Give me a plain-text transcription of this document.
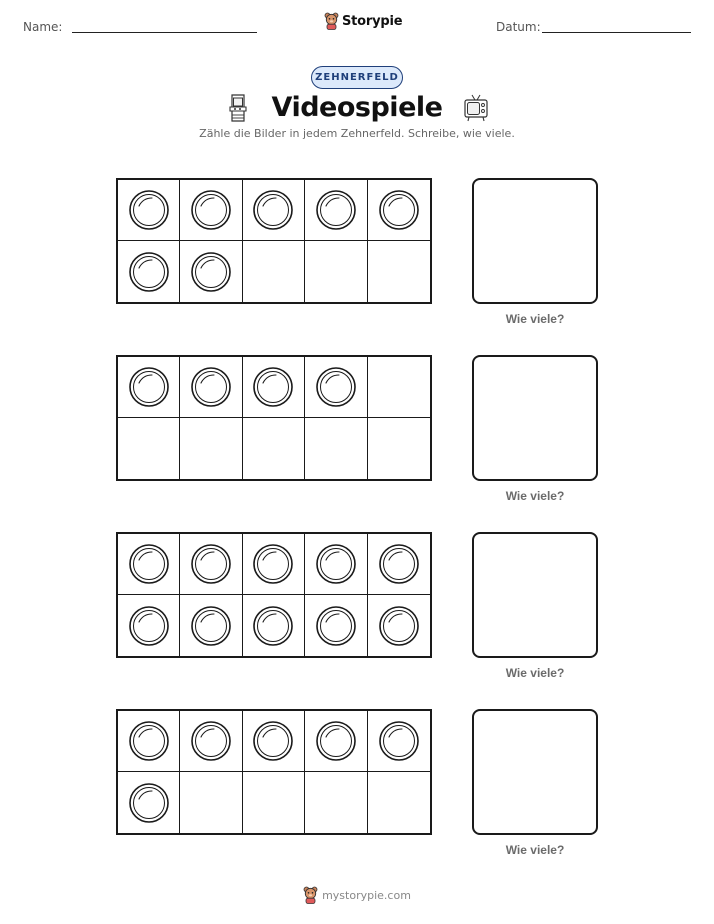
Name:	Storypie	Datum:
ZEHNERFELD
Videospiele
Zähle die Bilder in jedem Zehnerfeld. Schreibe, wie viele.
Wie viele?
Wie viele?
Wie viele?
Wie viele?
mystorypie.com
